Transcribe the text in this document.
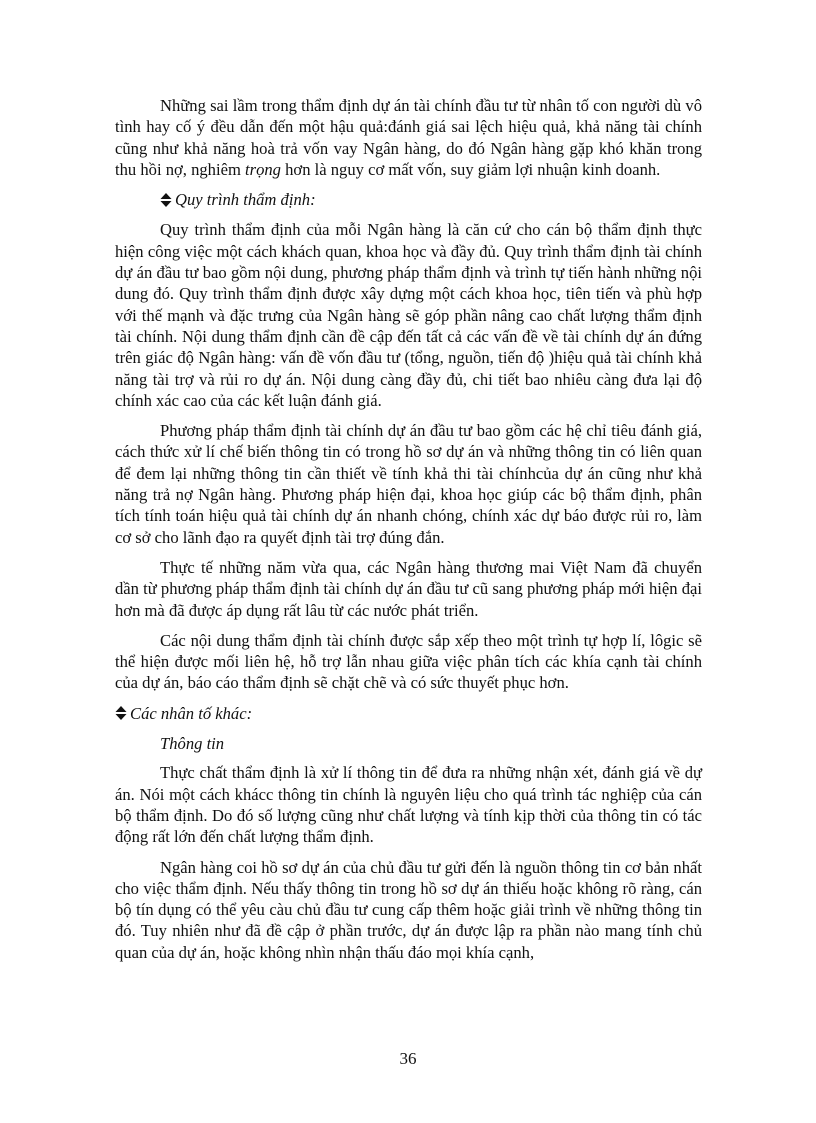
Những sai lầm trong thẩm định dự án tài chính đầu tư từ nhân tố con người dù vô tình hay cố ý đều dẫn đến một hậu quả:đánh giá sai lệch hiệu quả, khả năng tài chính cũng như khả năng hoà trả vốn vay Ngân hàng, do đó Ngân hàng gặp khó khăn trong thu hồi nợ, nghiêm trọng hơn là nguy cơ mất vốn, suy giảm lợi nhuận kinh doanh.

Quy trình thẩm định :

Quy trình thẩm định của mỗi Ngân hàng là căn cứ cho cán bộ thẩm định thực hiện công việc một cách khách quan, khoa học và đầy đủ. Quy trình thẩm định tài chính dự án đầu tư bao gồm nội dung, phương pháp thẩm định và trình tự tiến hành những nội dung đó. Quy trình thẩm định được xây dựng một cách khoa học, tiên tiến và phù hợp với thế mạnh và đặc trưng của Ngân hàng sẽ góp phần nâng cao chất lượng thẩm định tài chính. Nội dung thẩm định cần đề cập đến tất cả các vấn đề về tài chính dự án đứng trên giác độ Ngân hàng: vấn đề vốn đầu tư (tổng, nguồn, tiến độ )hiệu quả tài chính khả năng tài trợ và rủi ro dự án. Nội dung càng đầy đủ, chi tiết bao nhiêu càng đưa lại độ chính xác cao của các kết luận đánh giá.

Phương pháp thẩm định tài chính dự án đầu tư bao gồm các hệ chỉ tiêu đánh giá, cách thức xử lí chế biến thông tin có trong hồ sơ dự án và những thông tin có liên quan để đem lại những thông tin cần thiết về tính khả thi tài chínhcủa dự án cũng như khả năng trả nợ Ngân hàng. Phương pháp hiện đại, khoa học giúp các bộ thẩm định, phân tích tính toán hiệu quả tài chính dự án nhanh chóng, chính xác dự báo được rủi ro, làm cơ sở cho lãnh đạo ra quyết định tài trợ đúng đắn.

Thực tế những năm vừa qua, các Ngân hàng thương mai Việt Nam đã chuyển dần từ phương pháp thẩm định tài chính dự án đầu tư cũ sang phương pháp mới hiện đại hơn mà đã được áp dụng rất lâu từ các nước phát triển.

Các nội dung thẩm định tài chính được sắp xếp theo một trình tự hợp lí, lôgic sẽ thể hiện được mối liên hệ, hỗ trợ lẫn nhau giữa việc phân tích các khía cạnh tài chính của dự án, báo cáo thẩm định sẽ chặt chẽ và có sức thuyết phục hơn.

Các nhân tố khác :
Thông tin

Thực chất thẩm định là xử lí thông tin để đưa ra những nhận xét, đánh giá về dự án. Nói một cách khácc thông tin chính là nguyên liệu cho quá trình tác nghiệp của cán bộ thẩm định. Do đó số lượng cũng như chất lượng và tính kịp thời của thông tin có tác động rất lớn đến chất lượng thẩm định.

Ngân hàng coi hồ sơ dự án của chủ đầu tư gửi đến là nguồn thông tin cơ bản nhất cho việc thẩm định. Nếu thấy thông tin trong hồ sơ dự án thiếu hoặc không rõ ràng, cán bộ tín dụng có thể yêu càu chủ đầu tư cung cấp thêm hoặc giải trình về những thông tin đó. Tuy nhiên như đã đề cập ở phần trước, dự án được lập ra phần nào mang tính chủ quan của dự án, hoặc không nhìn nhận thấu đáo mọi khía cạnh,

36
